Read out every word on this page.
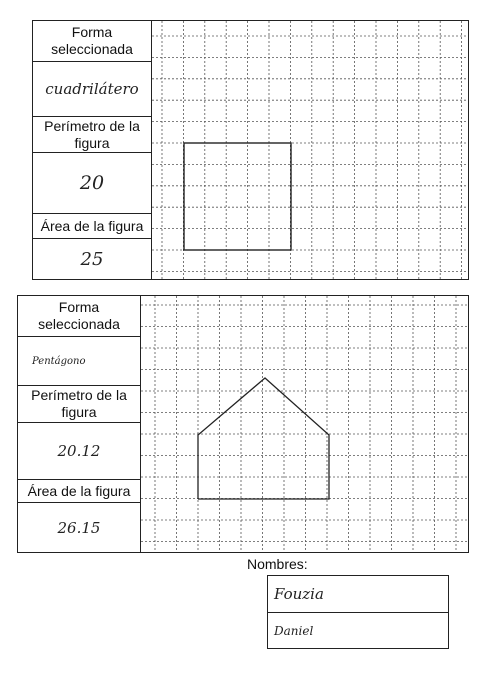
Forma seleccionada
cuadrilátero
Perímetro de la figura
20
Área de la figura
25
Forma seleccionada
Pentágono
Perímetro de la figura
20.12
Área de la figura
26.15
Nombres:
Fouzia
Daniel
